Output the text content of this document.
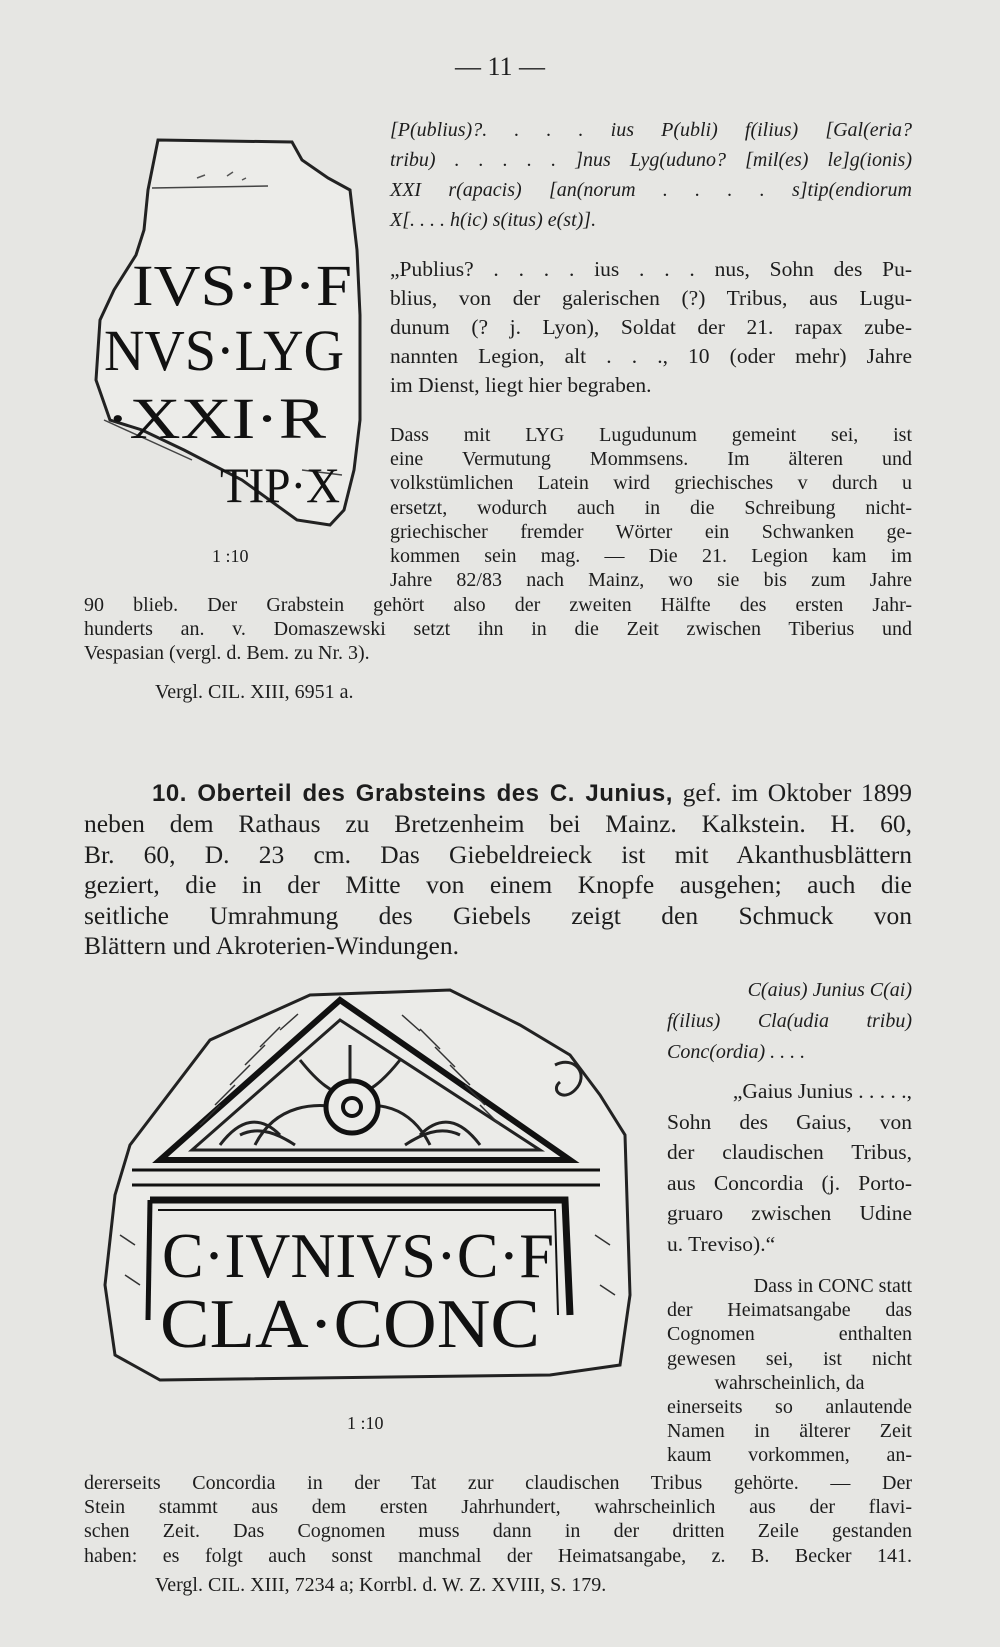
— 11 —
IVS·P·F
NVS·LYG
·XXI·R
TIP·X
1 :10
[P(ublius)?. . . . ius P(ubli) f(ilius) [Gal(eria?
tribu) . . . . . ]nus Lyg(uduno? [mil(es) le]g(ionis)
XXI r(apacis) [an(norum . . . . s]tip(endiorum
X[. . . . h(ic) s(itus) e(st)].
„Publius? . . . . ius . . . nus, Sohn des Pu-
blius, von der galerischen (?) Tribus, aus Lugu-
dunum (? j. Lyon), Soldat der 21. rapax zube-
nannten Legion, alt . . ., 10 (oder mehr) Jahre
im Dienst, liegt hier begraben.
Dass mit LYG Lugudunum gemeint sei, ist
eine Vermutung Mommsens. Im älteren und
volkstümlichen Latein wird griechisches v durch u
ersetzt, wodurch auch in die Schreibung nicht-
griechischer fremder Wörter ein Schwanken ge-
kommen sein mag. — Die 21. Legion kam im
Jahre 82/83 nach Mainz, wo sie bis zum Jahre
90 blieb. Der Grabstein gehört also der zweiten Hälfte des ersten Jahr-
hunderts an. v. Domaszewski setzt ihn in die Zeit zwischen Tiberius und
Vespasian (vergl. d. Bem. zu Nr. 3).
Vergl. CIL. XIII, 6951 a.
10. Oberteil des Grabsteins des C. Junius, gef. im Oktober 1899
neben dem Rathaus zu Bretzenheim bei Mainz. Kalkstein. H. 60,
Br. 60, D. 23 cm. Das Giebeldreieck ist mit Akanthusblättern
geziert, die in der Mitte von einem Knopfe ausgehen; auch die
seitliche Umrahmung des Giebels zeigt den Schmuck von
Blättern und Akroterien-Windungen.
C·IVNIVS·C·F
CLA·CONC
1 :10
C(aius) Junius C(ai)
f(ilius) Cla(udia tribu)
Conc(ordia) . . . .
„Gaius Junius . . . . .,
Sohn des Gaius, von
der claudischen Tribus,
aus Concordia (j. Porto-
gruaro zwischen Udine
u. Treviso).“
Dass in CONC statt
der Heimatsangabe das
Cognomen enthalten
gewesen sei, ist nicht
wahrscheinlich, da
einerseits so anlautende
Namen in älterer Zeit
kaum vorkommen, an-
dererseits Concordia in der Tat zur claudischen Tribus gehörte. — Der
Stein stammt aus dem ersten Jahrhundert, wahrscheinlich aus der flavi-
schen Zeit. Das Cognomen muss dann in der dritten Zeile gestanden
haben: es folgt auch sonst manchmal der Heimatsangabe, z. B. Becker 141.
Vergl. CIL. XIII, 7234 a; Korrbl. d. W. Z. XVIII, S. 179.
